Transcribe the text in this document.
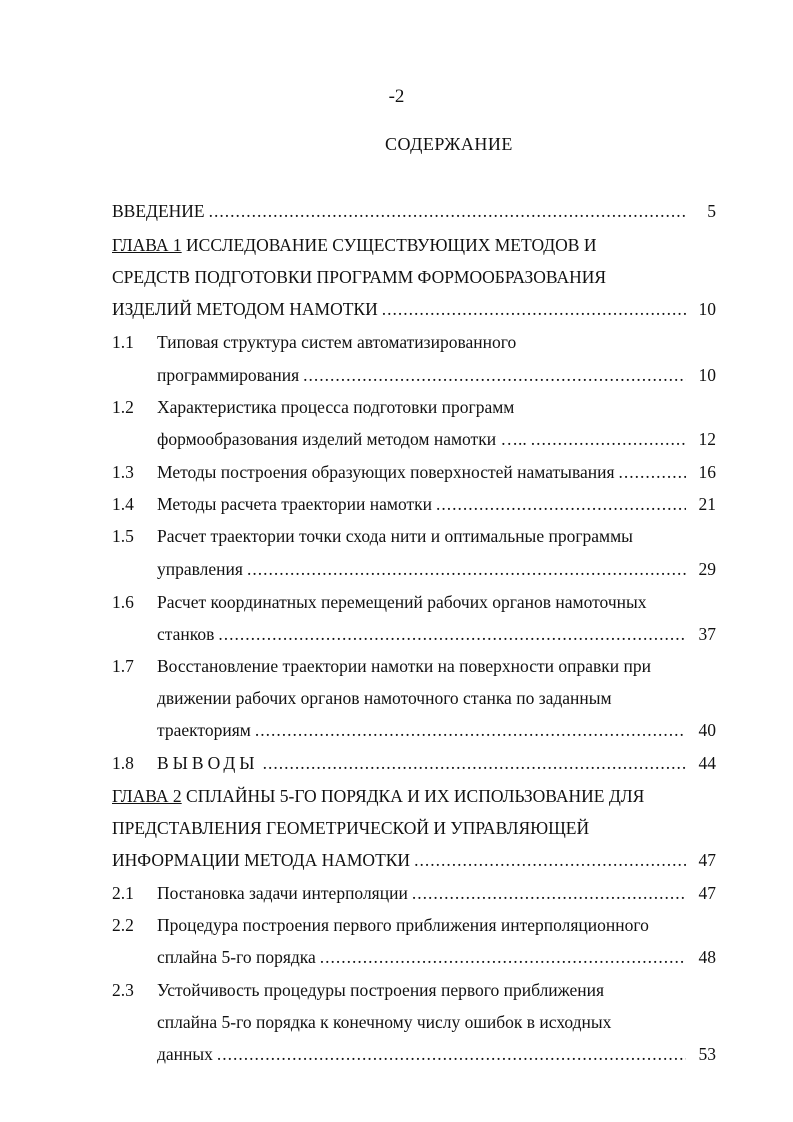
-2
СОДЕРЖАНИЕ
ВВЕДЕНИЕ .....	5
ГЛАВА 1
ИССЛЕДОВАНИЕ СУЩЕСТВУЮЩИХ МЕТОДОВ И
СРЕДСТВ ПОДГОТОВКИ ПРОГРАММ ФОРМООБРАЗОВАНИЯ
ИЗДЕЛИЙ МЕТОДОМ НАМОТКИ .....	10
1.1 Типовая структура систем автоматизированного
программирования .....	10
1.2 Характеристика процесса подготовки программ
формообразования изделий методом намотки ….. .....	12
1.3 Методы построения образующих поверхностей наматывания .....	16
1.4 Методы расчета траектории намотки .....	21
1.5 Расчет траектории точки схода нити и оптимальные программы
управления .....	29
1.6 Расчет координатных перемещений рабочих органов намоточных
станков .....	37
1.7 Восстановление траектории намотки на поверхности оправки при
движении рабочих органов намоточного станка по заданным
траекториям .....	40
1.8 ВЫВОДЫ .....	44
ГЛАВА 2
СПЛАЙНЫ 5-ГО ПОРЯДКА И ИХ ИСПОЛЬЗОВАНИЕ ДЛЯ
ПРЕДСТАВЛЕНИЯ ГЕОМЕТРИЧЕСКОЙ И УПРАВЛЯЮЩЕЙ
ИНФОРМАЦИИ МЕТОДА НАМОТКИ .....	47
2.1 Постановка задачи интерполяции .....	47
2.2 Процедура построения первого приближения интерполяционного
сплайна 5-го порядка .....	48
2.3 Устойчивость процедуры построения первого приближения
сплайна 5-го порядка к конечному числу ошибок в исходных
данных .....	53
